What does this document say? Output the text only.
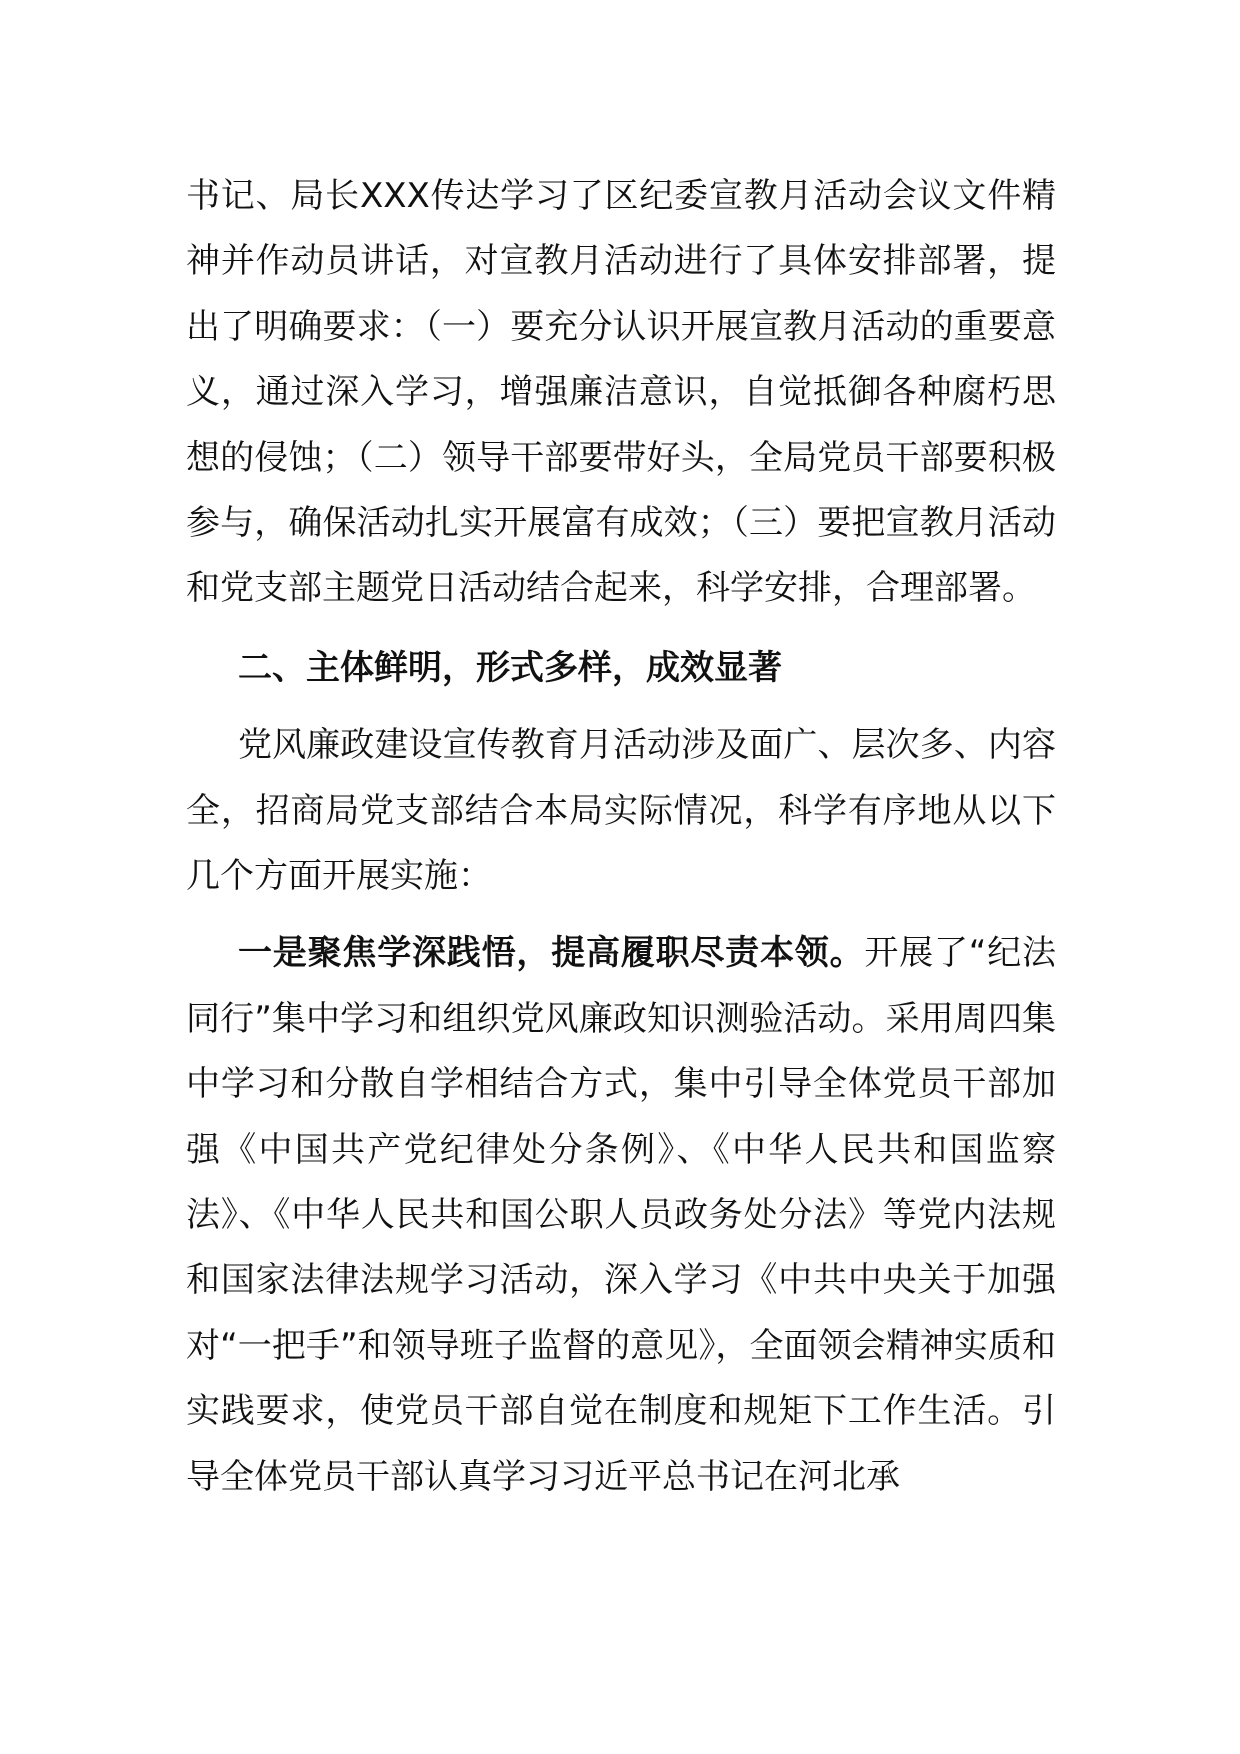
书记、局长XXX传达学习了区纪委宣教月活动会议文件精神并作动员讲话，对宣教月活动进行了具体安排部署，提出了明确要求：（一）要充分认识开展宣教月活动的重要意义，通过深入学习，增强廉洁意识，自觉抵御各种腐朽思想的侵蚀；（二）领导干部要带好头，全局党员干部要积极参与，确保活动扎实开展富有成效；（三）要把宣教月活动和党支部主题党日活动结合起来，科学安排，合理部署。

二、主体鲜明，形式多样，成效显著

党风廉政建设宣传教育月活动涉及面广、层次多、内容全，招商局党支部结合本局实际情况，科学有序地从以下几个方面开展实施：

一是聚焦学深践悟，提高履职尽责本领。开展了“纪法同行”集中学习和组织党风廉政知识测验活动。采用周四集中学习和分散自学相结合方式，集中引导全体党员干部加强《中国共产党纪律处分条例》、《中华人民共和国监察法》、《中华人民共和国公职人员政务处分法》等党内法规和国家法律法规学习活动，深入学习《中共中央关于加强对“一把手”和领导班子监督的意见》，全面领会精神实质和实践要求，使党员干部自觉在制度和规矩下工作生活。引导全体党员干部认真学习习近平总书记在河北承
